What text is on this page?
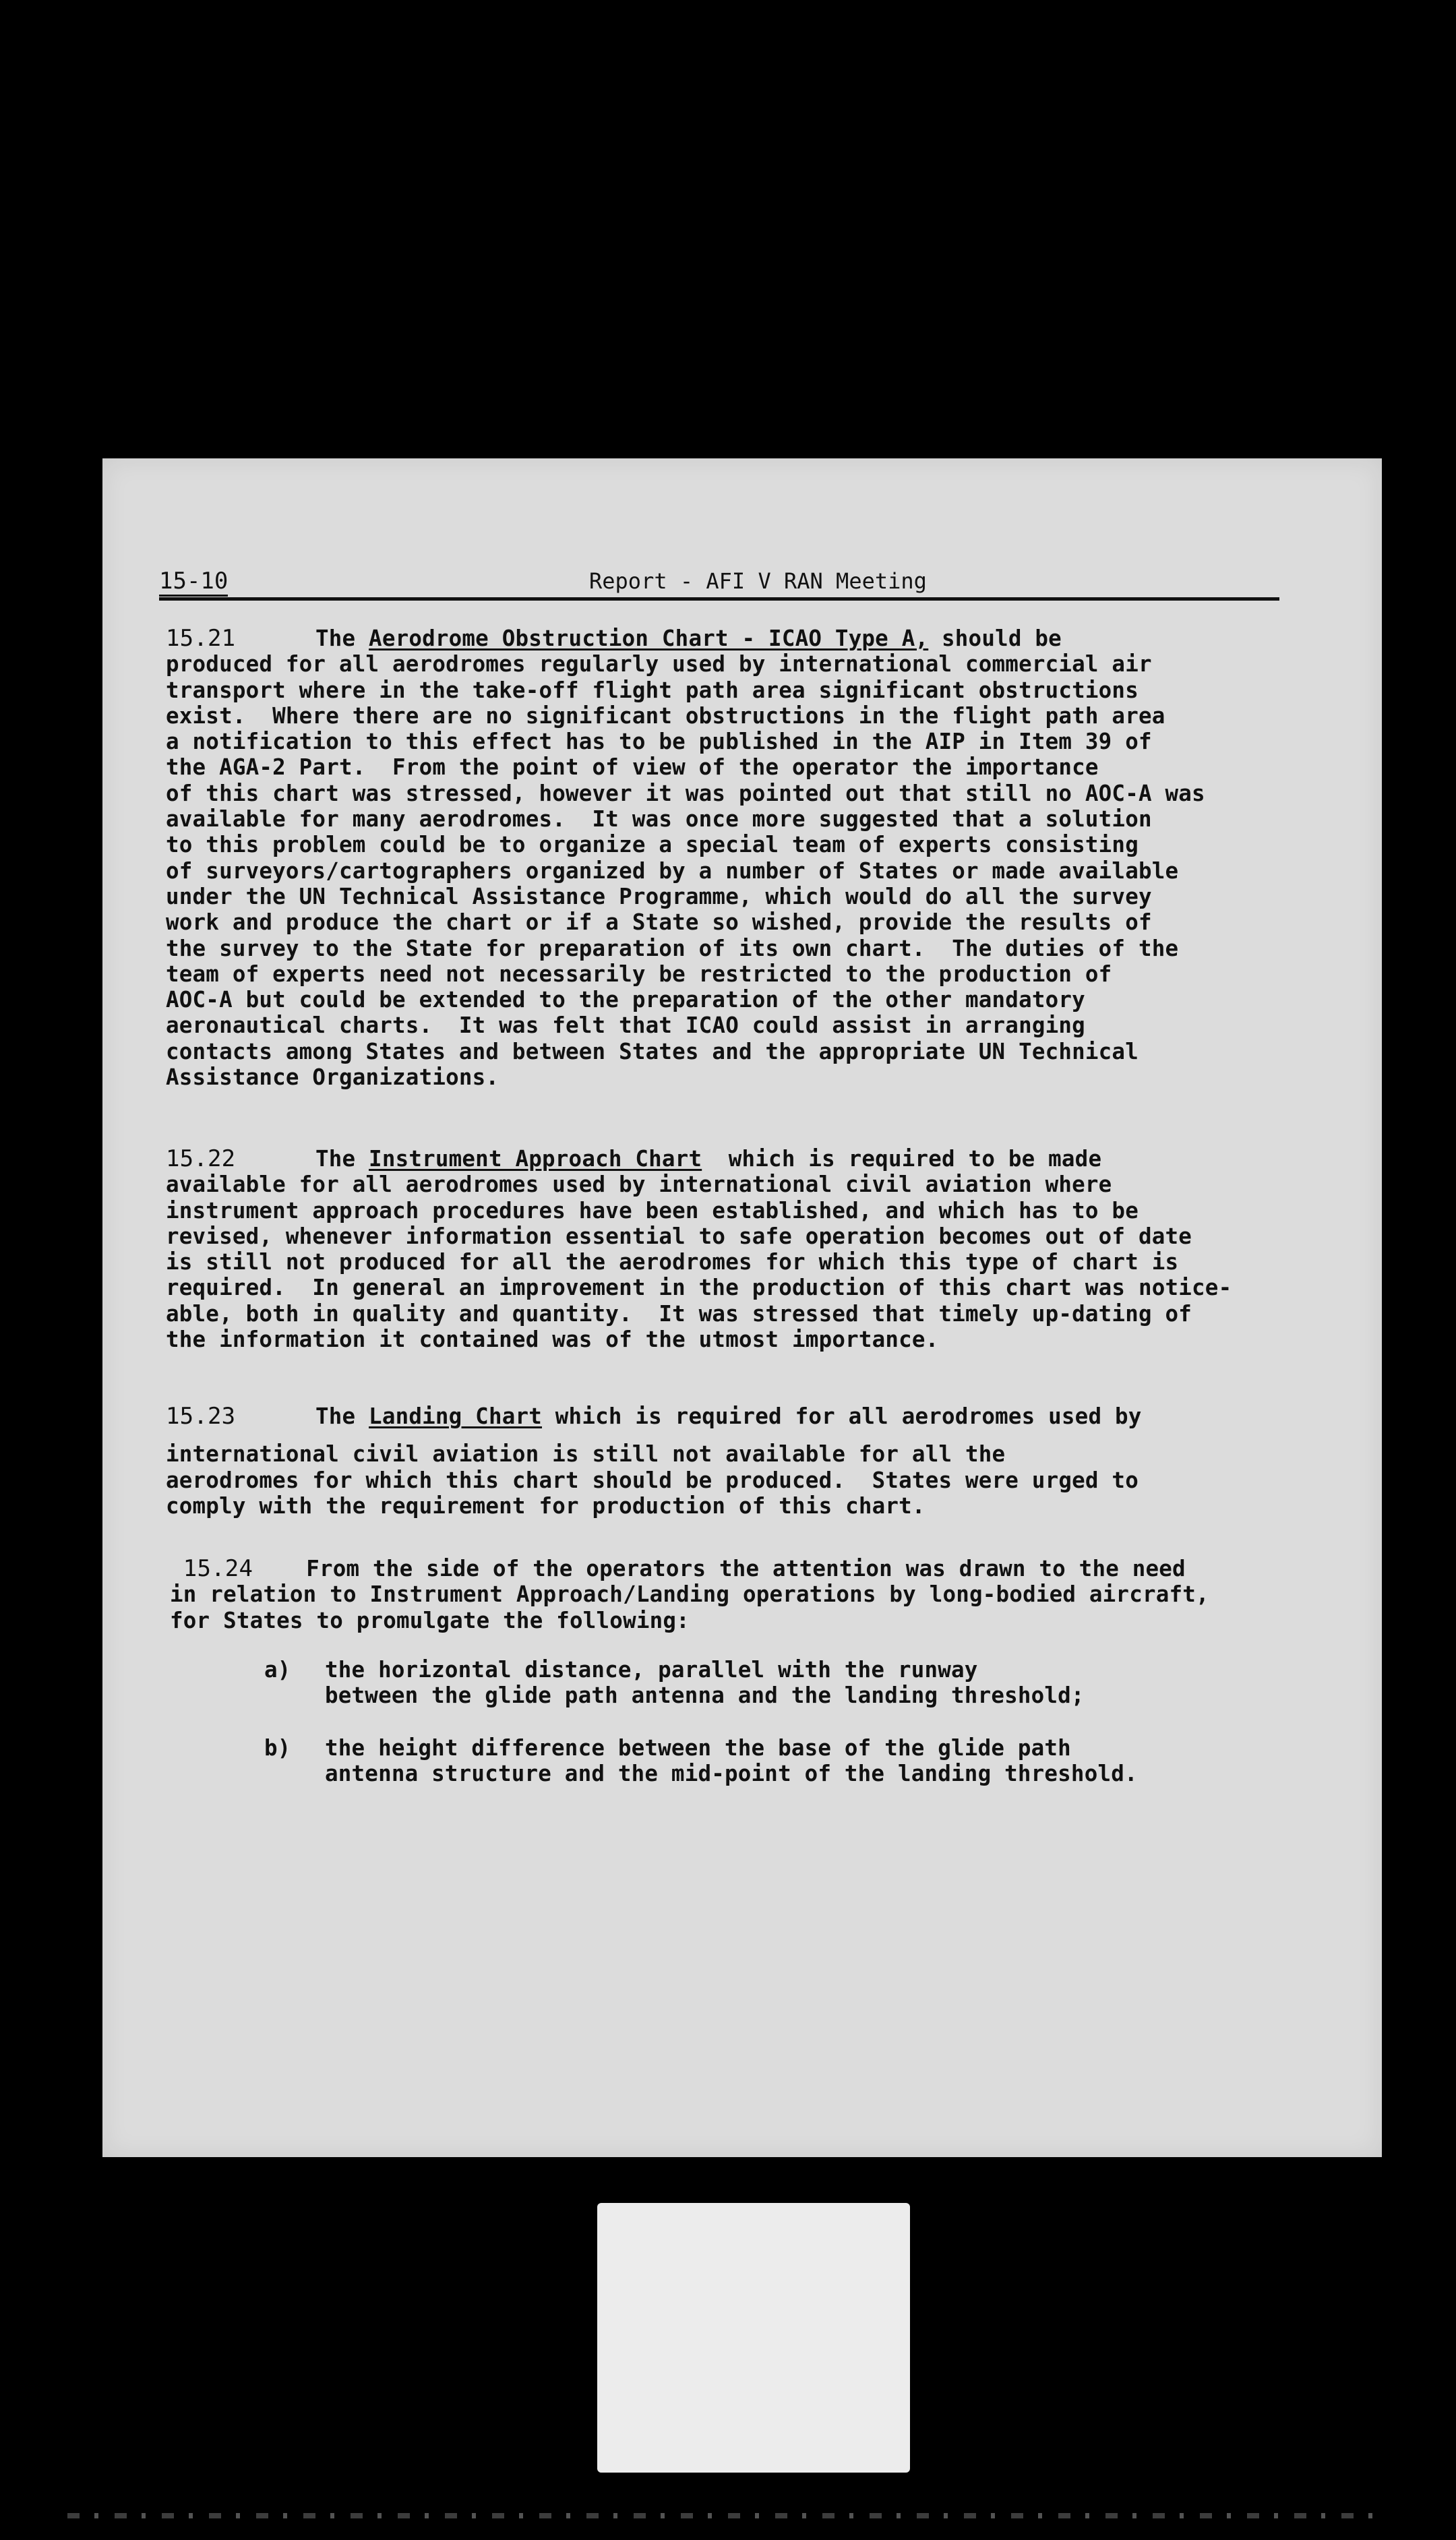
15-10	Report - AFI V RAN Meeting
15.21	The Aerodrome Obstruction Chart - ICAO Type A, should be
produced for all aerodromes regularly used by international commercial air
transport where in the take-off flight path area significant obstructions
exist.  Where there are no significant obstructions in the flight path area
a notification to this effect has to be published in the AIP in Item 39 of
the AGA-2 Part.  From the point of view of the operator the importance
of this chart was stressed, however it was pointed out that still no AOC-A was
available for many aerodromes.  It was once more suggested that a solution
to this problem could be to organize a special team of experts consisting
of surveyors/cartographers organized by a number of States or made available
under the UN Technical Assistance Programme, which would do all the survey
work and produce the chart or if a State so wished, provide the results of
the survey to the State for preparation of its own chart.  The duties of the
team of experts need not necessarily be restricted to the production of
AOC-A but could be extended to the preparation of the other mandatory
aeronautical charts.  It was felt that ICAO could assist in arranging
contacts among States and between States and the appropriate UN Technical
Assistance Organizations.
15.22	The Instrument Approach Chart  which is required to be made
available for all aerodromes used by international civil aviation where
instrument approach procedures have been established, and which has to be
revised, whenever information essential to safe operation becomes out of date
is still not produced for all the aerodromes for which this type of chart is
required.  In general an improvement in the production of this chart was notice-
able, both in quality and quantity.  It was stressed that timely up-dating of
the information it contained was of the utmost importance.
15.23	The Landing Chart which is required for all aerodromes used by
international civil aviation is still not available for all the
aerodromes for which this chart should be produced.  States were urged to
comply with the requirement for production of this chart.
15.24 From the side of the operators the attention was drawn to the need
in relation to Instrument Approach/Landing operations by long-bodied aircraft,
for States to promulgate the following:
a) the horizontal distance, parallel with the runway
between the glide path antenna and the landing threshold;
b) the height difference between the base of the glide path
antenna structure and the mid-point of the landing threshold.
